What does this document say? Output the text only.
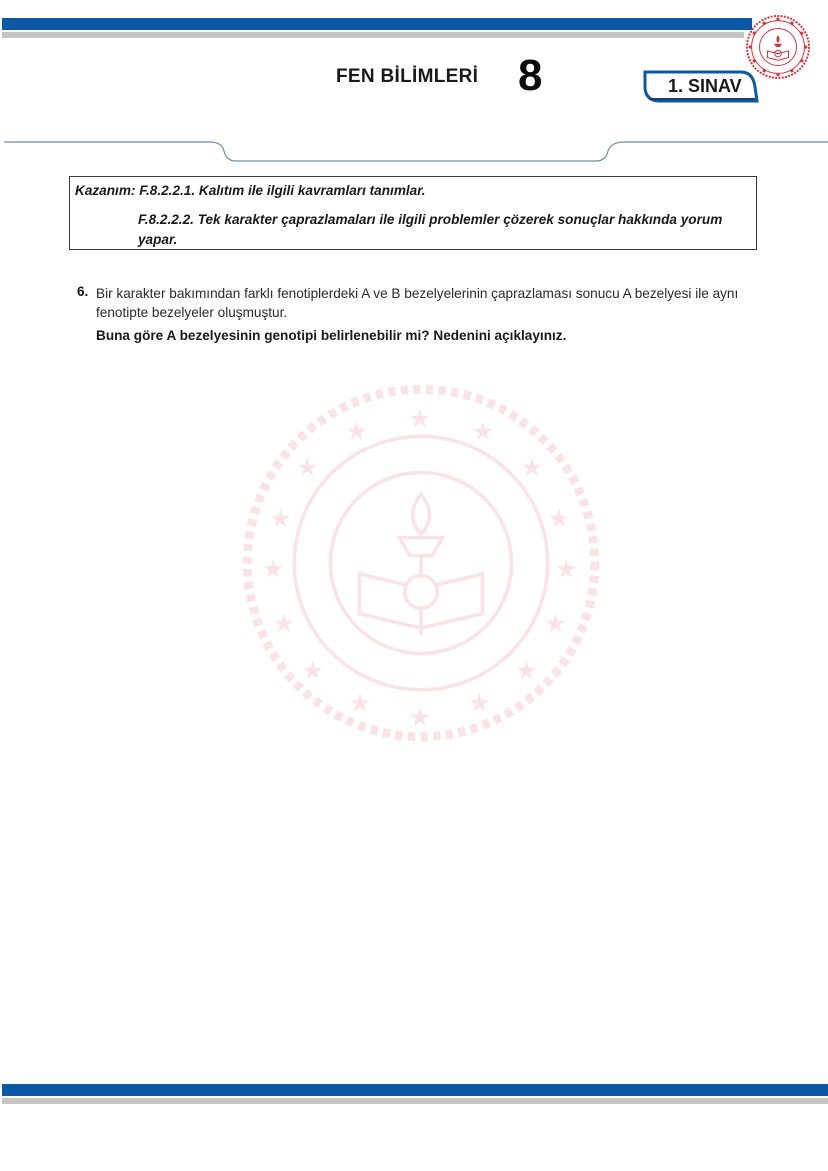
FEN BİLİMLERİ 8	1. SINAV
Kazanım: F.8.2.2.1. Kalıtım ile ilgili kavramları tanımlar.
F.8.2.2.2. Tek karakter çaprazlamaları ile ilgili problemler çözerek sonuçlar hakkında yorum yapar.
6. Bir karakter bakımından farklı fenotiplerdeki A ve B bezelyelerinin çaprazlaması sonucu A bezelyesi ile aynı fenotipte bezelyeler oluşmuştur.
Buna göre A bezelyesinin genotipi belirlenebilir mi? Nedenini açıklayınız.
★	★
★
★
★
★
★
★
★
★
★
★
★
★
★
★
